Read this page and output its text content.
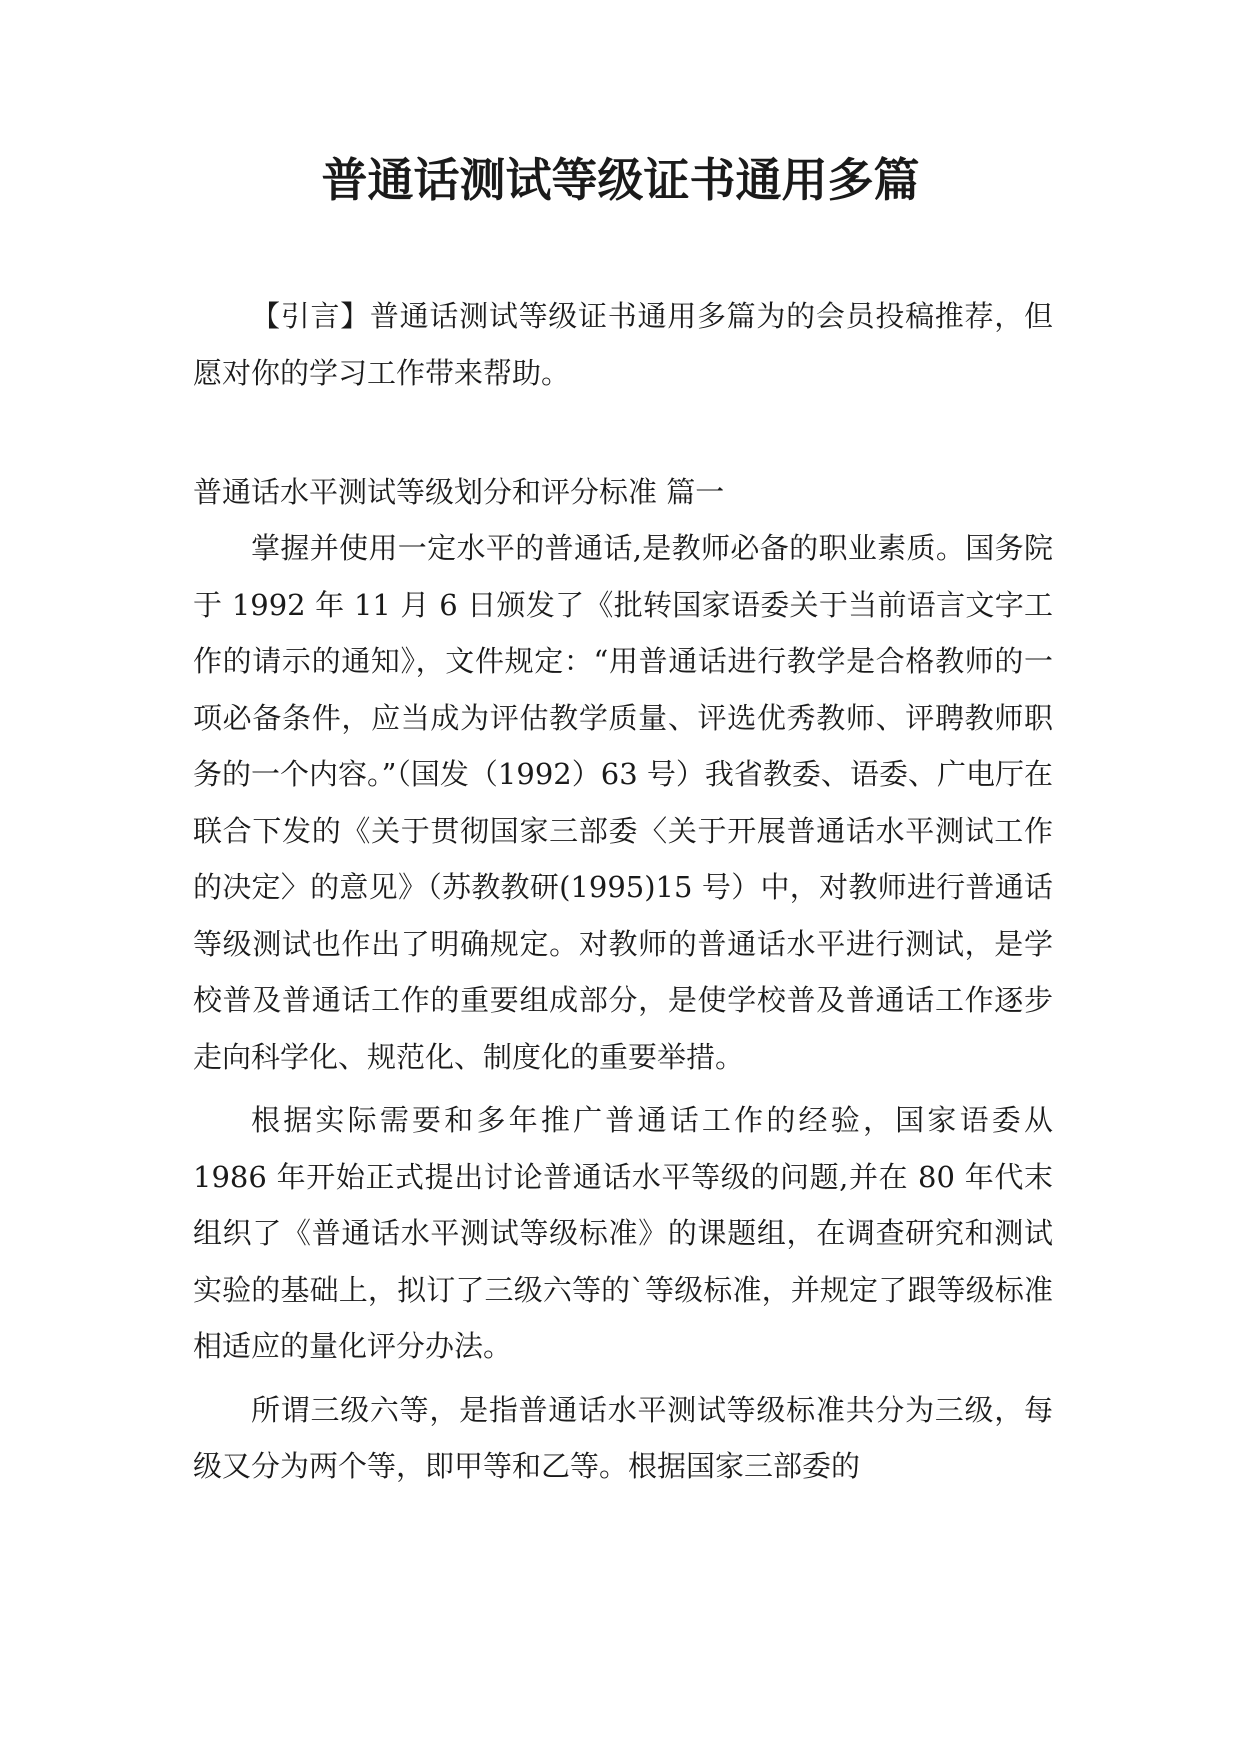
普通话测试等级证书通用多篇

【引言】普通话测试等级证书通用多篇为的会员投稿推荐，但愿对你的学习工作带来帮助。

普通话水平测试等级划分和评分标准 篇一

掌握并使用一定水平的普通话,是教师必备的职业素质。国务院于 1992 年 11 月 6 日颁发了《批转国家语委关于当前语言文字工作的请示的通知》，文件规定：“用普通话进行教学是合格教师的一项必备条件，应当成为评估教学质量、评选优秀教师、评聘教师职务的一个内容。”（国发（1992）63 号）我省教委、语委、广电厅在联合下发的《关于贯彻国家三部委〈关于开展普通话水平测试工作的决定〉的意见》（苏教教研(1995)15 号）中，对教师进行普通话等级测试也作出了明确规定。对教师的普通话水平进行测试，是学校普及普通话工作的重要组成部分，是使学校普及普通话工作逐步走向科学化、规范化、制度化的重要举措。

根据实际需要和多年推广普通话工作的经验，国家语委从 1986 年开始正式提出讨论普通话水平等级的问题,并在 80 年代末组织了《普通话水平测试等级标准》的课题组，在调查研究和测试实验的基础上，拟订了三级六等的`等级标准，并规定了跟等级标准相适应的量化评分办法。

所谓三级六等，是指普通话水平测试等级标准共分为三级，每级又分为两个等，即甲等和乙等。根据国家三部委的
